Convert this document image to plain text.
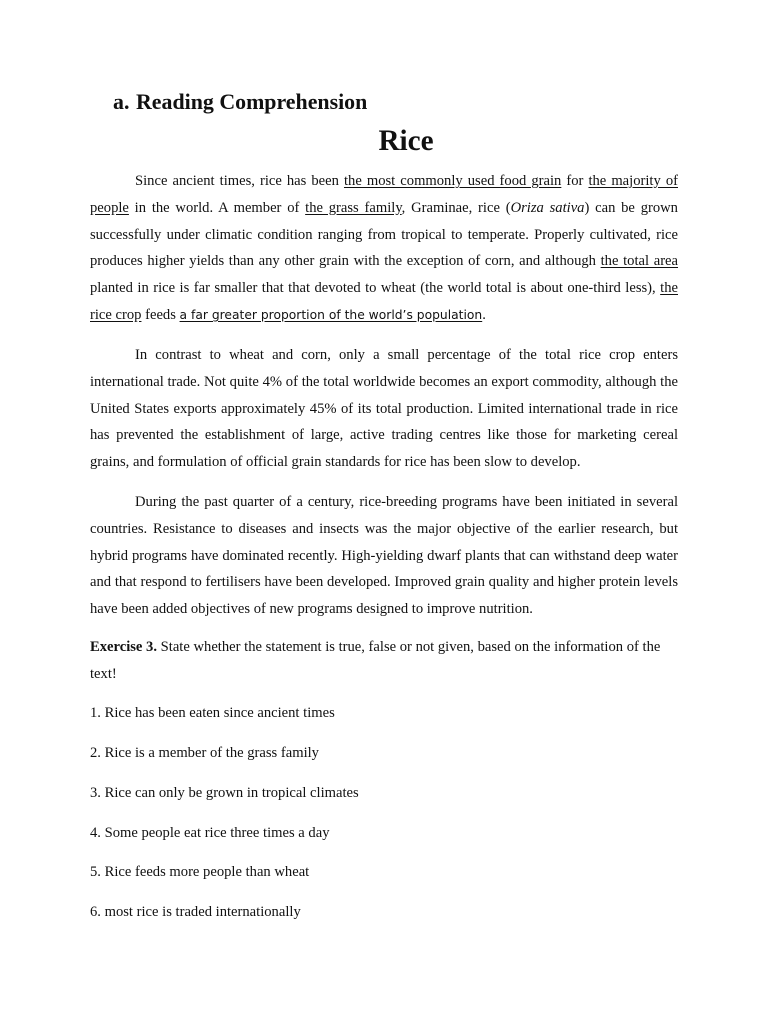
a. Reading Comprehension
Rice

Since ancient times, rice has been the most commonly used food grain for the majority of people in the world. A member of the grass family, Graminae, rice (Oriza sativa) can be grown successfully under climatic condition ranging from tropical to temperate. Properly cultivated, rice produces higher yields than any other grain with the exception of corn, and although the total area planted in rice is far smaller that that devoted to wheat (the world total is about one-third less), the rice crop feeds a far greater proportion of the world’s population.

In contrast to wheat and corn, only a small percentage of the total rice crop enters international trade. Not quite 4% of the total worldwide becomes an export commodity, although the United States exports approximately 45% of its total production. Limited international trade in rice has prevented the establishment of large, active trading centres like those for marketing cereal grains, and formulation of official grain standards for rice has been slow to develop.

During the past quarter of a century, rice-breeding programs have been initiated in several countries. Resistance to diseases and insects was the major objective of the earlier research, but hybrid programs have dominated recently. High-yielding dwarf plants that can withstand deep water and that respond to fertilisers have been developed. Improved grain quality and higher protein levels have been added objectives of new programs designed to improve nutrition.

Exercise 3. State whether the statement is true, false or not given, based on the information of the text!

1. Rice has been eaten since ancient times
2. Rice is a member of the grass family
3. Rice can only be grown in tropical climates
4. Some people eat rice three times a day
5. Rice feeds more people than wheat
6. most rice is traded internationally
